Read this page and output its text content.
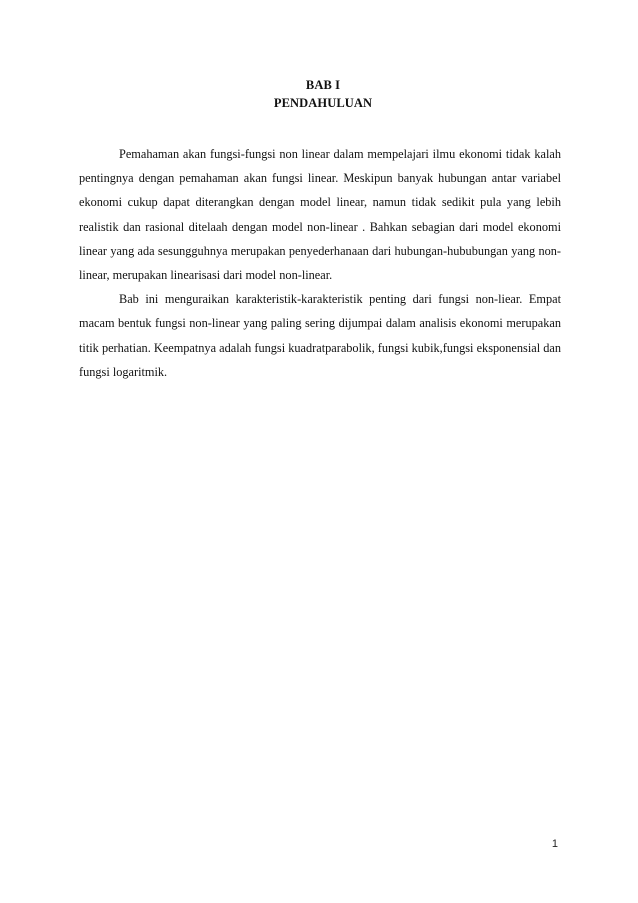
BAB I
PENDAHULUAN

Pemahaman akan fungsi-fungsi non linear dalam mempelajari ilmu ekonomi tidak kalah pentingnya dengan pemahaman akan fungsi linear. Meskipun banyak hubungan antar variabel ekonomi cukup dapat diterangkan dengan model linear, namun tidak sedikit pula yang lebih realistik dan rasional ditelaah dengan model non-linear . Bahkan sebagian dari model ekonomi linear yang ada sesungguhnya merupakan penyederhanaan dari hubungan-hububungan yang non-linear, merupakan linearisasi dari model non-linear.

Bab ini menguraikan karakteristik-karakteristik penting dari fungsi non-liear. Empat macam bentuk fungsi non-linear yang paling sering dijumpai dalam analisis ekonomi merupakan titik perhatian. Keempatnya adalah fungsi kuadratparabolik, fungsi kubik,fungsi eksponensial dan fungsi logaritmik.

1
